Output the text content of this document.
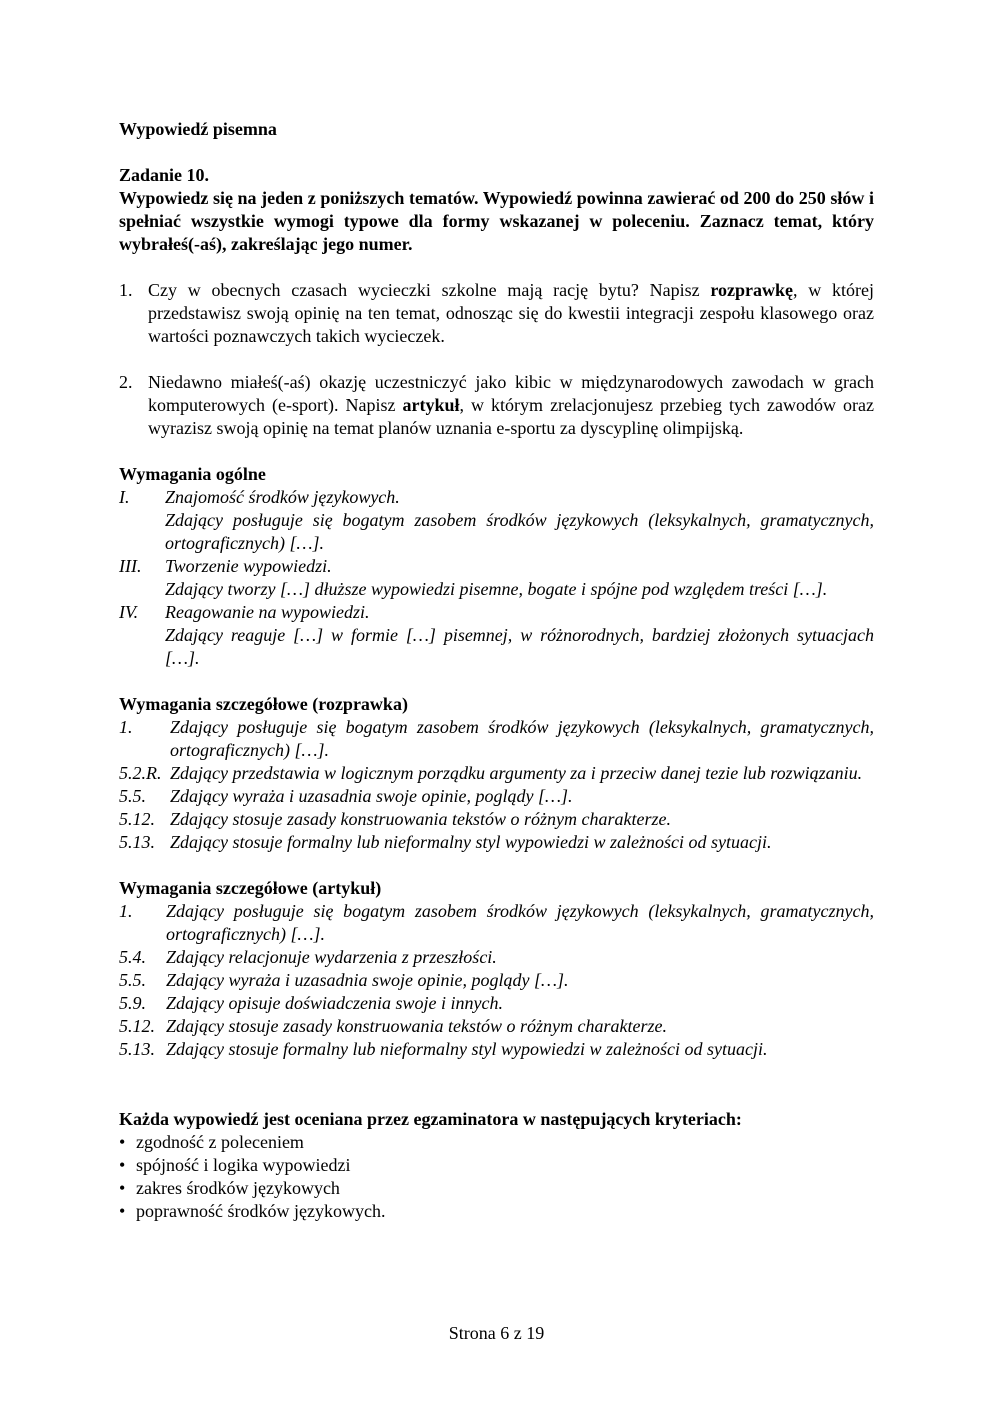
Wypowiedź pisemna

Zadanie 10.

Wypowiedz się na jeden z poniższych tematów. Wypowiedź powinna zawierać od 200 do 250 słów i spełniać wszystkie wymogi typowe dla formy wskazanej w poleceniu. Zaznacz temat, który wybrałeś(-aś), zakreślając jego numer.

1. Czy w obecnych czasach wycieczki szkolne mają rację bytu? Napisz rozprawkę, w której przedstawisz swoją opinię na ten temat, odnosząc się do kwestii integracji zespołu klasowego oraz wartości poznawczych takich wycieczek.
2. Niedawno miałeś(-aś) okazję uczestniczyć jako kibic w międzynarodowych zawodach w grach komputerowych (e-sport). Napisz artykuł, w którym zrelacjonujesz przebieg tych zawodów oraz wyrazisz swoją opinię na temat planów uznania e-sportu za dyscyplinę olimpijską.

Wymagania ogólne

I.	Znajomość środków językowych.
Zdający posługuje się bogatym zasobem środków językowych (leksykalnych, gramatycznych, ortograficznych) […].
III.	Tworzenie wypowiedzi.
Zdający tworzy […] dłuższe wypowiedzi pisemne, bogate i spójne pod względem treści […].
IV.	Reagowanie na wypowiedzi.
Zdający reaguje […] w formie […] pisemnej, w różnorodnych, bardziej złożonych sytuacjach […].

Wymagania szczegółowe (rozprawka)

1.	Zdający posługuje się bogatym zasobem środków językowych (leksykalnych, gramatycznych, ortograficznych) […].
5.2.R. Zdający przedstawia w logicznym porządku argumenty za i przeciw danej tezie lub rozwiązaniu.
5.5.	Zdający wyraża i uzasadnia swoje opinie, poglądy […].
5.12. Zdający stosuje zasady konstruowania tekstów o różnym charakterze.
5.13. Zdający stosuje formalny lub nieformalny styl wypowiedzi w zależności od sytuacji.

Wymagania szczegółowe (artykuł)

1.	Zdający posługuje się bogatym zasobem środków językowych (leksykalnych, gramatycznych, ortograficznych) […].
5.4.	Zdający relacjonuje wydarzenia z przeszłości.
5.5.	Zdający wyraża i uzasadnia swoje opinie, poglądy […].
5.9.	Zdający opisuje doświadczenia swoje i innych.
5.12. Zdający stosuje zasady konstruowania tekstów o różnym charakterze.
5.13. Zdający stosuje formalny lub nieformalny styl wypowiedzi w zależności od sytuacji.

Każda wypowiedź jest oceniana przez egzaminatora w następujących kryteriach:

• zgodność z poleceniem
• spójność i logika wypowiedzi
• zakres środków językowych
• poprawność środków językowych.
Strona 6 z 19
